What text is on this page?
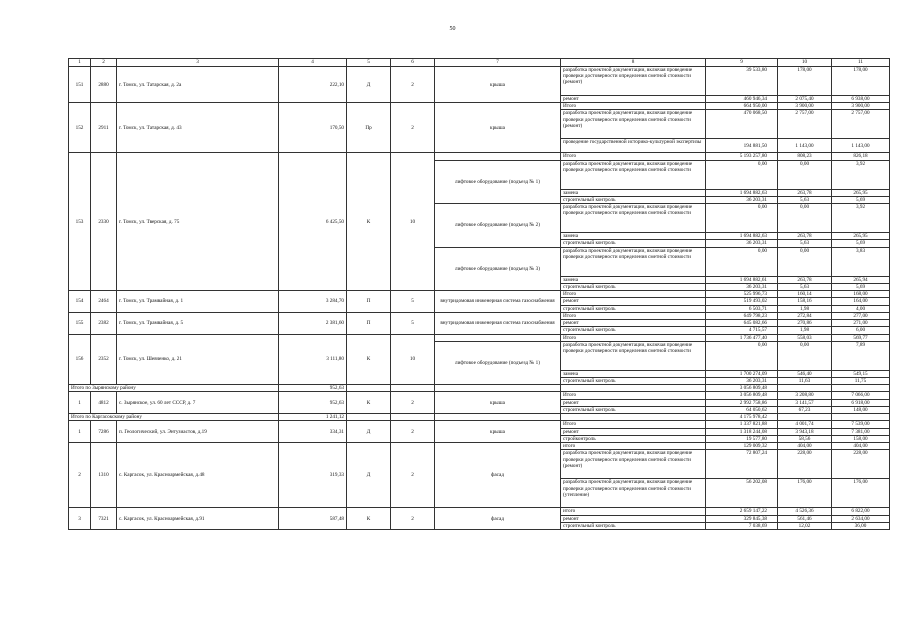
50
1	2	3	4	5	6	7	8	9	10	11
151	2880	г. Томск, ул. Татарская, д. 2а	222,10	Д	2	крыша	разработка проектной документации, включая проведение проверки достоверности определения сметной стоимости (ремонт)	39 533,80	178,00	178,00
							ремонт	460 946,34	2 075,40	6 938,00
152	2911	г. Томск, ул. Татарская, д. 43	170,50	Пр	2	крыша	Итого	664 950,00	3 900,00	3 900,00
							разработка проектной документации, включая проведение проверки достоверности определения сметной стоимости (ремонт)	470 068,50	2 757,00	2 757,00
							проведение государственной историко-культурной экспертизы	194 881,50	1 143,00	1 143,00
153	2330	г. Томск, ул. Тверская, д. 75	6 425,50	К	10		Итого	5 193 257,80	808,23	826,18
						лифтовое оборудование (подъезд № 1)	разработка проектной документации, включая проведение проверки достоверности определения сметной стоимости	0,00	0,00	3,92
							замена	1 694 882,63	263,78	265,95
							строительный контроль	36 203,31	5,63	5,69
						лифтовое оборудование (подъезд № 2)	разработка проектной документации, включая проведение проверки достоверности определения сметной стоимости	0,00	0,00	3,92
							замена	1 694 882,63	263,78	265,95
							строительный контроль	36 203,31	5,63	5,69
						лифтовое оборудование (подъезд № 3)	разработка проектной документации, включая проведение проверки достоверности определения сметной стоимости	0,00	0,00	3,83
							замена	1 694 882,61	263,78	265,94
							строительный контроль	36 203,31	5,63	5,69
154	2464	г. Томск, ул. Трамвайная, д. 1	3 284,70	П	5	внутридомовая инженерная система газоснабжения	Итого	525 996,73	160,14	168,00
							ремонт	519 493,02	158,16	164,00
							строительный контроль	6 503,71	1,98	4,00
155	2382	г. Томск, ул. Трамвайная, д. 5	2 381,60	П	5	внутридомовая инженерная система газоснабжения	Итого	649 798,23	272,84	277,00
							ремонт	645 082,66	270,86	271,00
							строительный контроль	4 715,57	1,98	6,00
156	2352	г. Томск, ул. Шевченко, д. 21	3 111,80	К	10		Итого	1 736 477,40	558,03	569,77
						лифтовое оборудование (подъезд № 1)	разработка проектной документации, включая проведение проверки достоверности определения сметной стоимости	0,00	0,00	7,89
							замена	1 700 274,09	546,40	549,15
							строительный контроль	36 203,31	11,63	11,75
Итого по Зырянскому району			952,63					3 056 809,48		
1	4812	с. Зырянское, ул. 60 лет СССР, д. 7	952,63	К	2	крыша	Итого	3 056 809,48	3 208,80	7 066,00
							ремонт	2 992 758,86	3 141,57	6 918,00
							строительный контроль	64 050,62	67,23	148,00
Итого по Каргасокскому району			1 241,12					4 175 978,42		
1	7286	п. Геологический, ул. Энтузиастов, д.19	334,31	Д	2	крыша	Итого	1 337 821,88	4 001,74	7 539,00
							ремонт	1 318 244,08	3 943,18	7 381,00
							стройконтроль	19 577,80	58,56	158,00
2	1310	с. Каргасок, ул. Красноармейская, д.48	319,33	Д	2	фасад	итого	129 009,32	404,00	404,00
							разработка проектной документации, включая проведение проверки достоверности определения сметной стоимости (ремонт)	72 807,24	228,00	228,00
							разработка проектной документации, включая проведение проверки достоверности определения сметной стоимости (утепление)	56 202,08	176,00	176,00
3	7321	с. Каргасок, ул. Красноармейская, д.91	587,48	К	2	фасад	итого	2 659 147,22	4 526,36	6 822,00
							ремонт	329 845,38	561,46	2 634,00
							строительный контроль	7 038,69	12,02	36,00
